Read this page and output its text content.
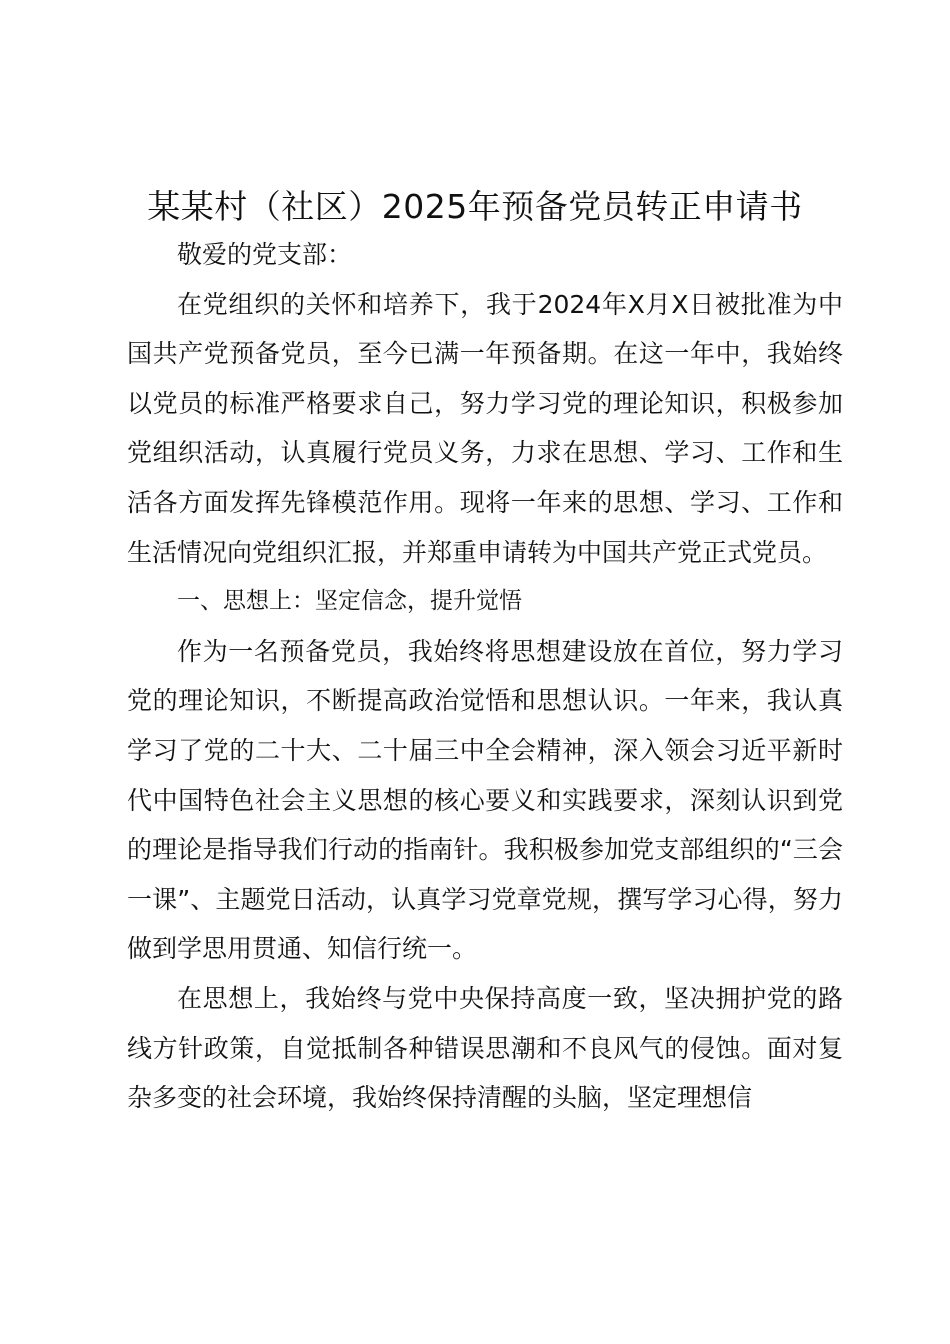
某某村（社区）2025年预备党员转正申请书

敬爱的党支部：

在党组织的关怀和培养下，我于2024年X月X日被批准为中国共产党预备党员，至今已满一年预备期。在这一年中，我始终以党员的标准严格要求自己，努力学习党的理论知识，积极参加党组织活动，认真履行党员义务，力求在思想、学习、工作和生活各方面发挥先锋模范作用。现将一年来的思想、学习、工作和生活情况向党组织汇报，并郑重申请转为中国共产党正式党员。

一、思想上：坚定信念，提升觉悟

作为一名预备党员，我始终将思想建设放在首位，努力学习党的理论知识，不断提高政治觉悟和思想认识。一年来，我认真学习了党的二十大、二十届三中全会精神，深入领会习近平新时代中国特色社会主义思想的核心要义和实践要求，深刻认识到党的理论是指导我们行动的指南针。我积极参加党支部组织的“三会一课”、主题党日活动，认真学习党章党规，撰写学习心得，努力做到学思用贯通、知信行统一。

在思想上，我始终与党中央保持高度一致，坚决拥护党的路线方针政策，自觉抵制各种错误思潮和不良风气的侵蚀。面对复杂多变的社会环境，我始终保持清醒的头脑，坚定理想信
